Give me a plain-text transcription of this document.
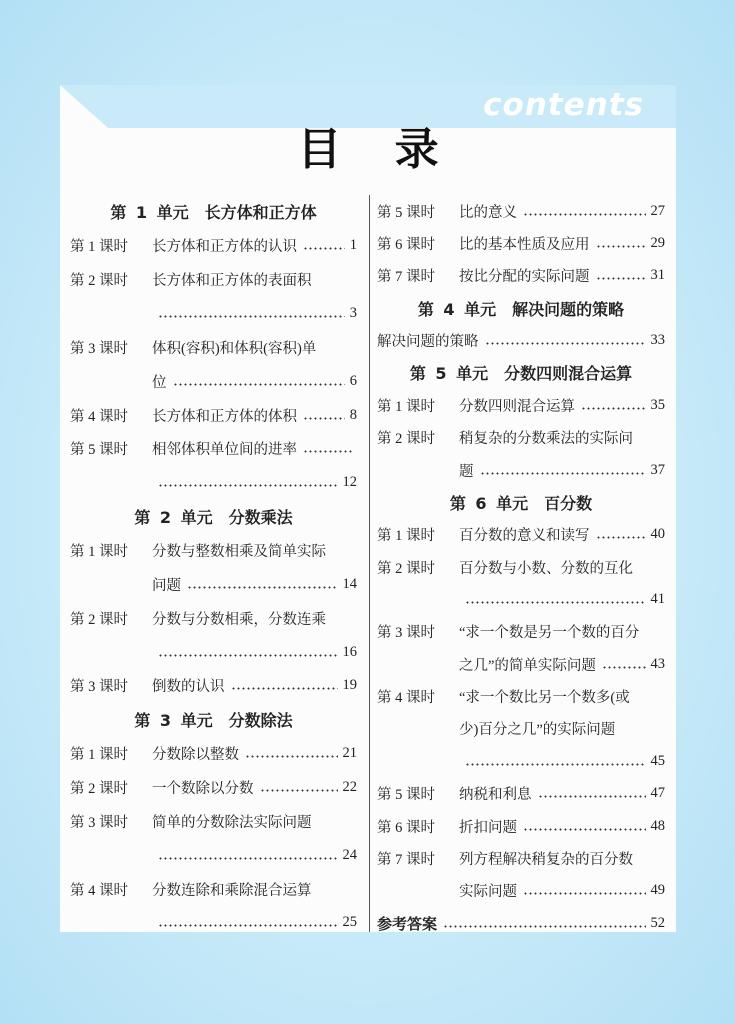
contents
目 录
第 1 单元　长方体和正方体
第 1 课时	长方体和正方体的认识	1
第 2 课时	长方体和正方体的表面积
3
第 3 课时	体积(容积)和体积(容积)单
位	6
第 4 课时	长方体和正方体的体积	8
第 5 课时	相邻体积单位间的进率
12
第 2 单元　分数乘法
第 1 课时	分数与整数相乘及简单实际
问题	14
第 2 课时	分数与分数相乘，分数连乘
16
第 3 课时	倒数的认识	19
第 3 单元　分数除法
第 1 课时	分数除以整数	21
第 2 课时	一个数除以分数	22
第 3 课时	简单的分数除法实际问题
24
第 4 课时	分数连除和乘除混合运算
25
第 5 课时	比的意义	27
第 6 课时	比的基本性质及应用	29
第 7 课时	按比分配的实际问题	31
第 4 单元　解决问题的策略
解决问题的策略	33
第 5 单元　分数四则混合运算
第 1 课时	分数四则混合运算	35
第 2 课时	稍复杂的分数乘法的实际问
题	37
第 6 单元　百分数
第 1 课时	百分数的意义和读写	40
第 2 课时	百分数与小数、分数的互化
41
第 3 课时	“求一个数是另一个数的百分
之几”的简单实际问题	43
第 4 课时	“求一个数比另一个数多(或
少)百分之几”的实际问题
45
第 5 课时	纳税和利息	47
第 6 课时	折扣问题	48
第 7 课时	列方程解决稍复杂的百分数
实际问题	49
参考答案	52
